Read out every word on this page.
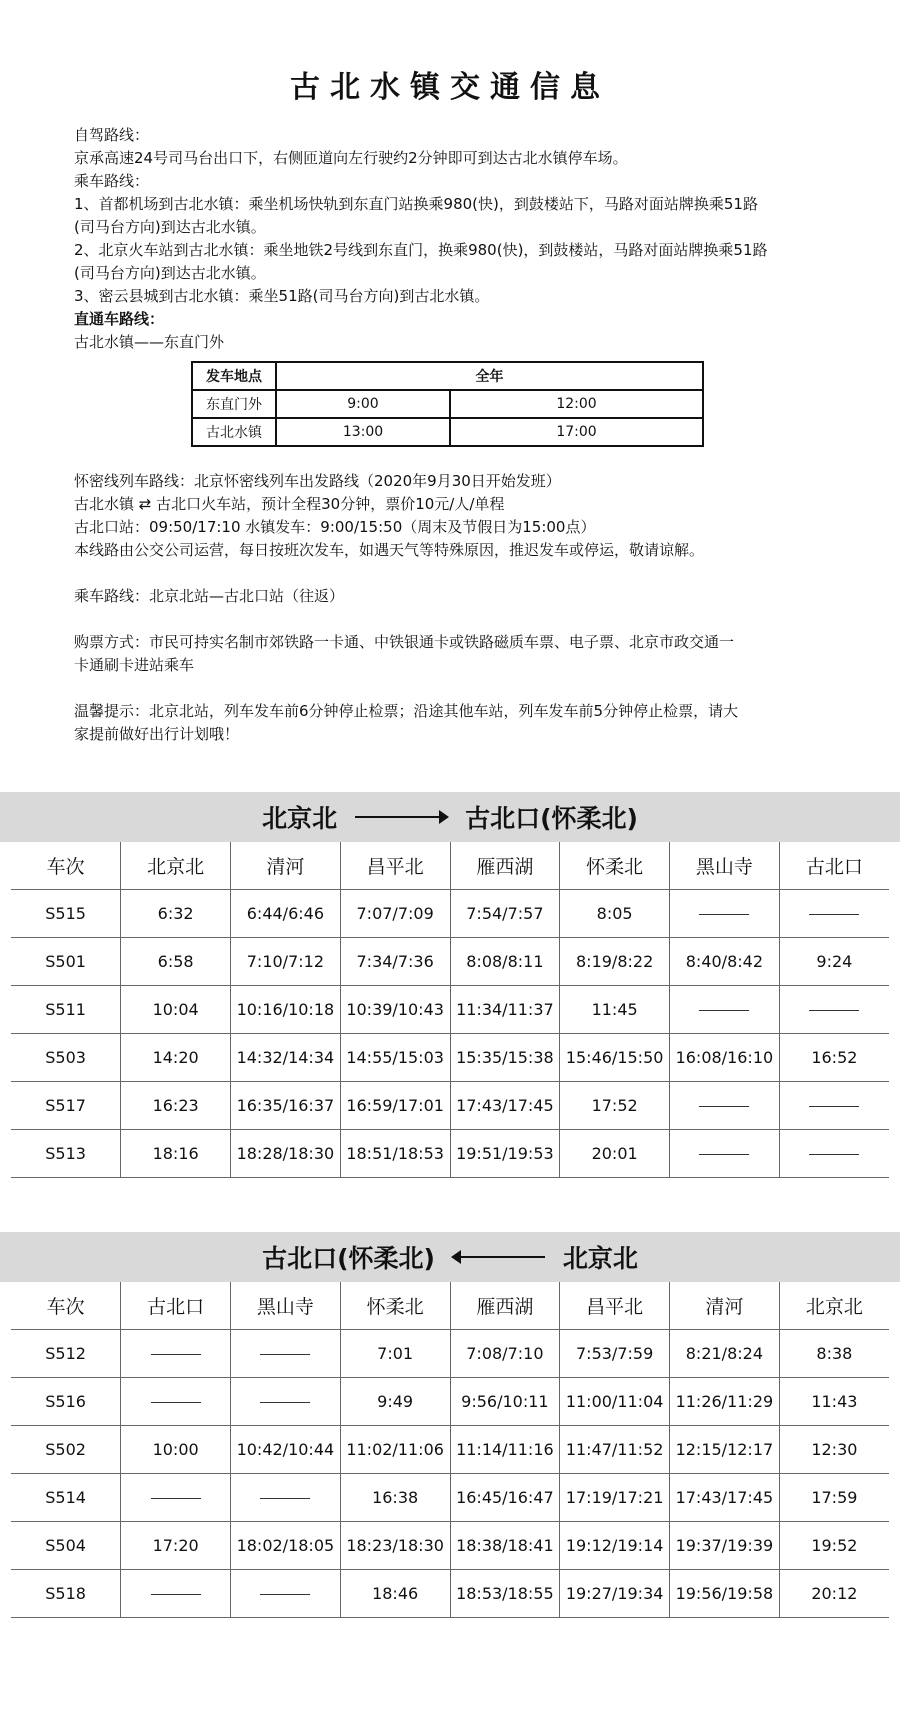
古北水镇交通信息
自驾路线：
京承高速24号司马台出口下，右侧匝道向左行驶约2分钟即可到达古北水镇停车场。
乘车路线：
1、首都机场到古北水镇：乘坐机场快轨到东直门站换乘980(快)，到鼓楼站下，马路对面站牌换乘51路
(司马台方向)到达古北水镇。
2、北京火车站到古北水镇：乘坐地铁2号线到东直门，换乘980(快)，到鼓楼站，马路对面站牌换乘51路
(司马台方向)到达古北水镇。
3、密云县城到古北水镇：乘坐51路(司马台方向)到古北水镇。
直通车路线：
古北水镇——东直门外
发车地点	全年	
东直门外	9:00	12:00
古北水镇	13:00	17:00
怀密线列车路线：北京怀密线列车出发路线（2020年9月30日开始发班）
古北水镇 ⇄ 古北口火车站，预计全程30分钟，票价10元/人/单程
古北口站：09:50/17:10 水镇发车：9:00/15:50（周末及节假日为15:00点）
本线路由公交公司运营，每日按班次发车，如遇天气等特殊原因，推迟发车或停运，敬请谅解。
乘车路线：北京北站—古北口站（往返）
购票方式：市民可持实名制市郊铁路一卡通、中铁银通卡或铁路磁质车票、电子票、北京市政交通一
卡通刷卡进站乘车
温馨提示：北京北站，列车发车前6分钟停止检票；沿途其他车站，列车发车前5分钟停止检票，请大
家提前做好出行计划哦！
北京北	古北口(怀柔北)
车次	北京北	清河	昌平北	雁西湖	怀柔北	黑山寺	古北口
S515	6:32	6:44/6:46	7:07/7:09	7:54/7:57	8:05		
S501	6:58	7:10/7:12	7:34/7:36	8:08/8:11	8:19/8:22	8:40/8:42	9:24
S511	10:04	10:16/10:18	10:39/10:43	11:34/11:37	11:45		
S503	14:20	14:32/14:34	14:55/15:03	15:35/15:38	15:46/15:50	16:08/16:10	16:52
S517	16:23	16:35/16:37	16:59/17:01	17:43/17:45	17:52		
S513	18:16	18:28/18:30	18:51/18:53	19:51/19:53	20:01		
古北口(怀柔北)	北京北
车次	古北口	黑山寺	怀柔北	雁西湖	昌平北	清河	北京北
S512			7:01	7:08/7:10	7:53/7:59	8:21/8:24	8:38
S516			9:49	9:56/10:11	11:00/11:04	11:26/11:29	11:43
S502	10:00	10:42/10:44	11:02/11:06	11:14/11:16	11:47/11:52	12:15/12:17	12:30
S514			16:38	16:45/16:47	17:19/17:21	17:43/17:45	17:59
S504	17:20	18:02/18:05	18:23/18:30	18:38/18:41	19:12/19:14	19:37/19:39	19:52
S518			18:46	18:53/18:55	19:27/19:34	19:56/19:58	20:12
